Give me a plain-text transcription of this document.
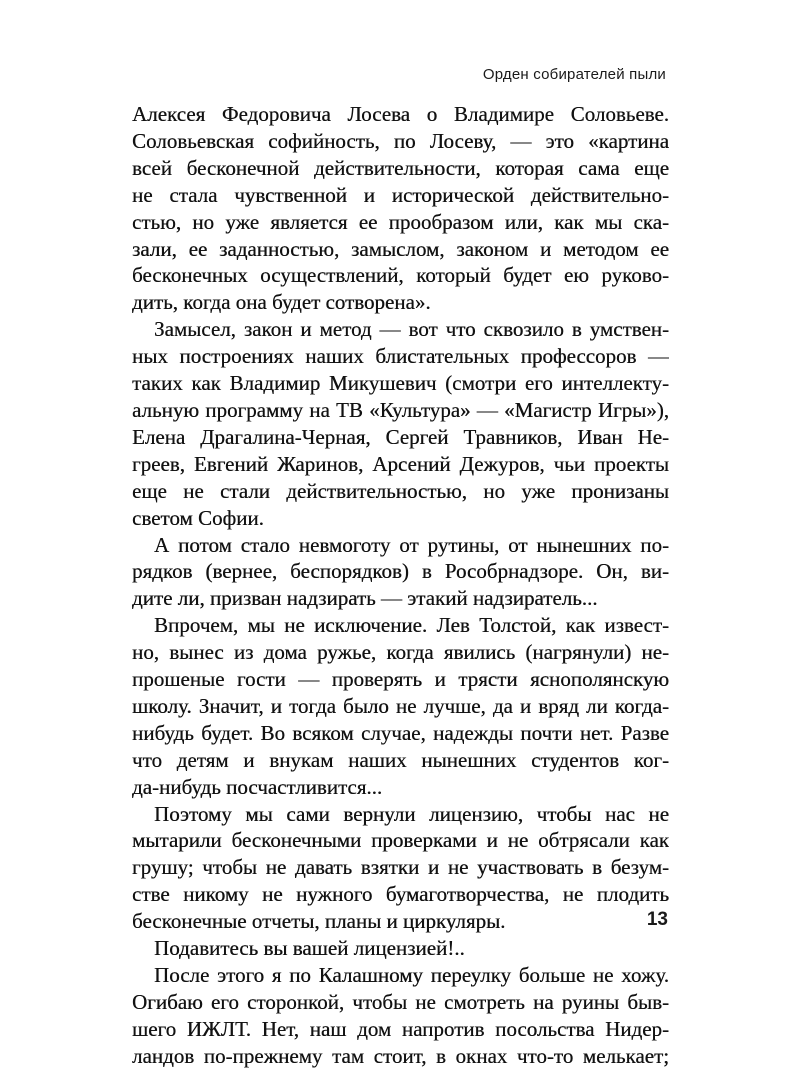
Орден собирателей пыли
Алексея Федоровича Лосева о Владимире Соловьеве.
Соловьевская софийность, по Лосеву, — это «картина
всей бесконечной действительности, которая сама еще
не стала чувственной и исторической действительно-
стью, но уже является ее прообразом или, как мы ска-
зали, ее заданностью, замыслом, законом и методом ее
бесконечных осуществлений, который будет ею руково-
дить, когда она будет сотворена».
Замысел, закон и метод — вот что сквозило в умствен-
ных построениях наших блистательных профессоров —
таких как Владимир Микушевич (смотри его интеллекту-
альную программу на ТВ «Культура» — «Магистр Игры»),
Елена Драгалина-Черная, Сергей Травников, Иван Не-
греев, Евгений Жаринов, Арсений Дежуров, чьи проекты
еще не стали действительностью, но уже пронизаны
светом Софии.
А потом стало невмоготу от рутины, от нынешних по-
рядков (вернее, беспорядков) в Рособрнадзоре. Он, ви-
дите ли, призван надзирать — этакий надзиратель...
Впрочем, мы не исключение. Лев Толстой, как извест-
но, вынес из дома ружье, когда явились (нагрянули) не-
прошеные гости — проверять и трясти яснополянскую
школу. Значит, и тогда было не лучше, да и вряд ли когда-
нибудь будет. Во всяком случае, надежды почти нет. Разве
что детям и внукам наших нынешних студентов ког-
да-нибудь посчастливится...
Поэтому мы сами вернули лицензию, чтобы нас не
мытарили бесконечными проверками и не обтрясали как
грушу; чтобы не давать взятки и не участвовать в безум-
стве никому не нужного бумаготворчества, не плодить
бесконечные отчеты, планы и циркуляры.
Подавитесь вы вашей лицензией!..
После этого я по Калашному переулку больше не хожу.
Огибаю его сторонкой, чтобы не смотреть на руины быв-
шего ИЖЛТ. Нет, наш дом напротив посольства Нидер-
ландов по-прежнему там стоит, в окнах что-то мелькает;
13
